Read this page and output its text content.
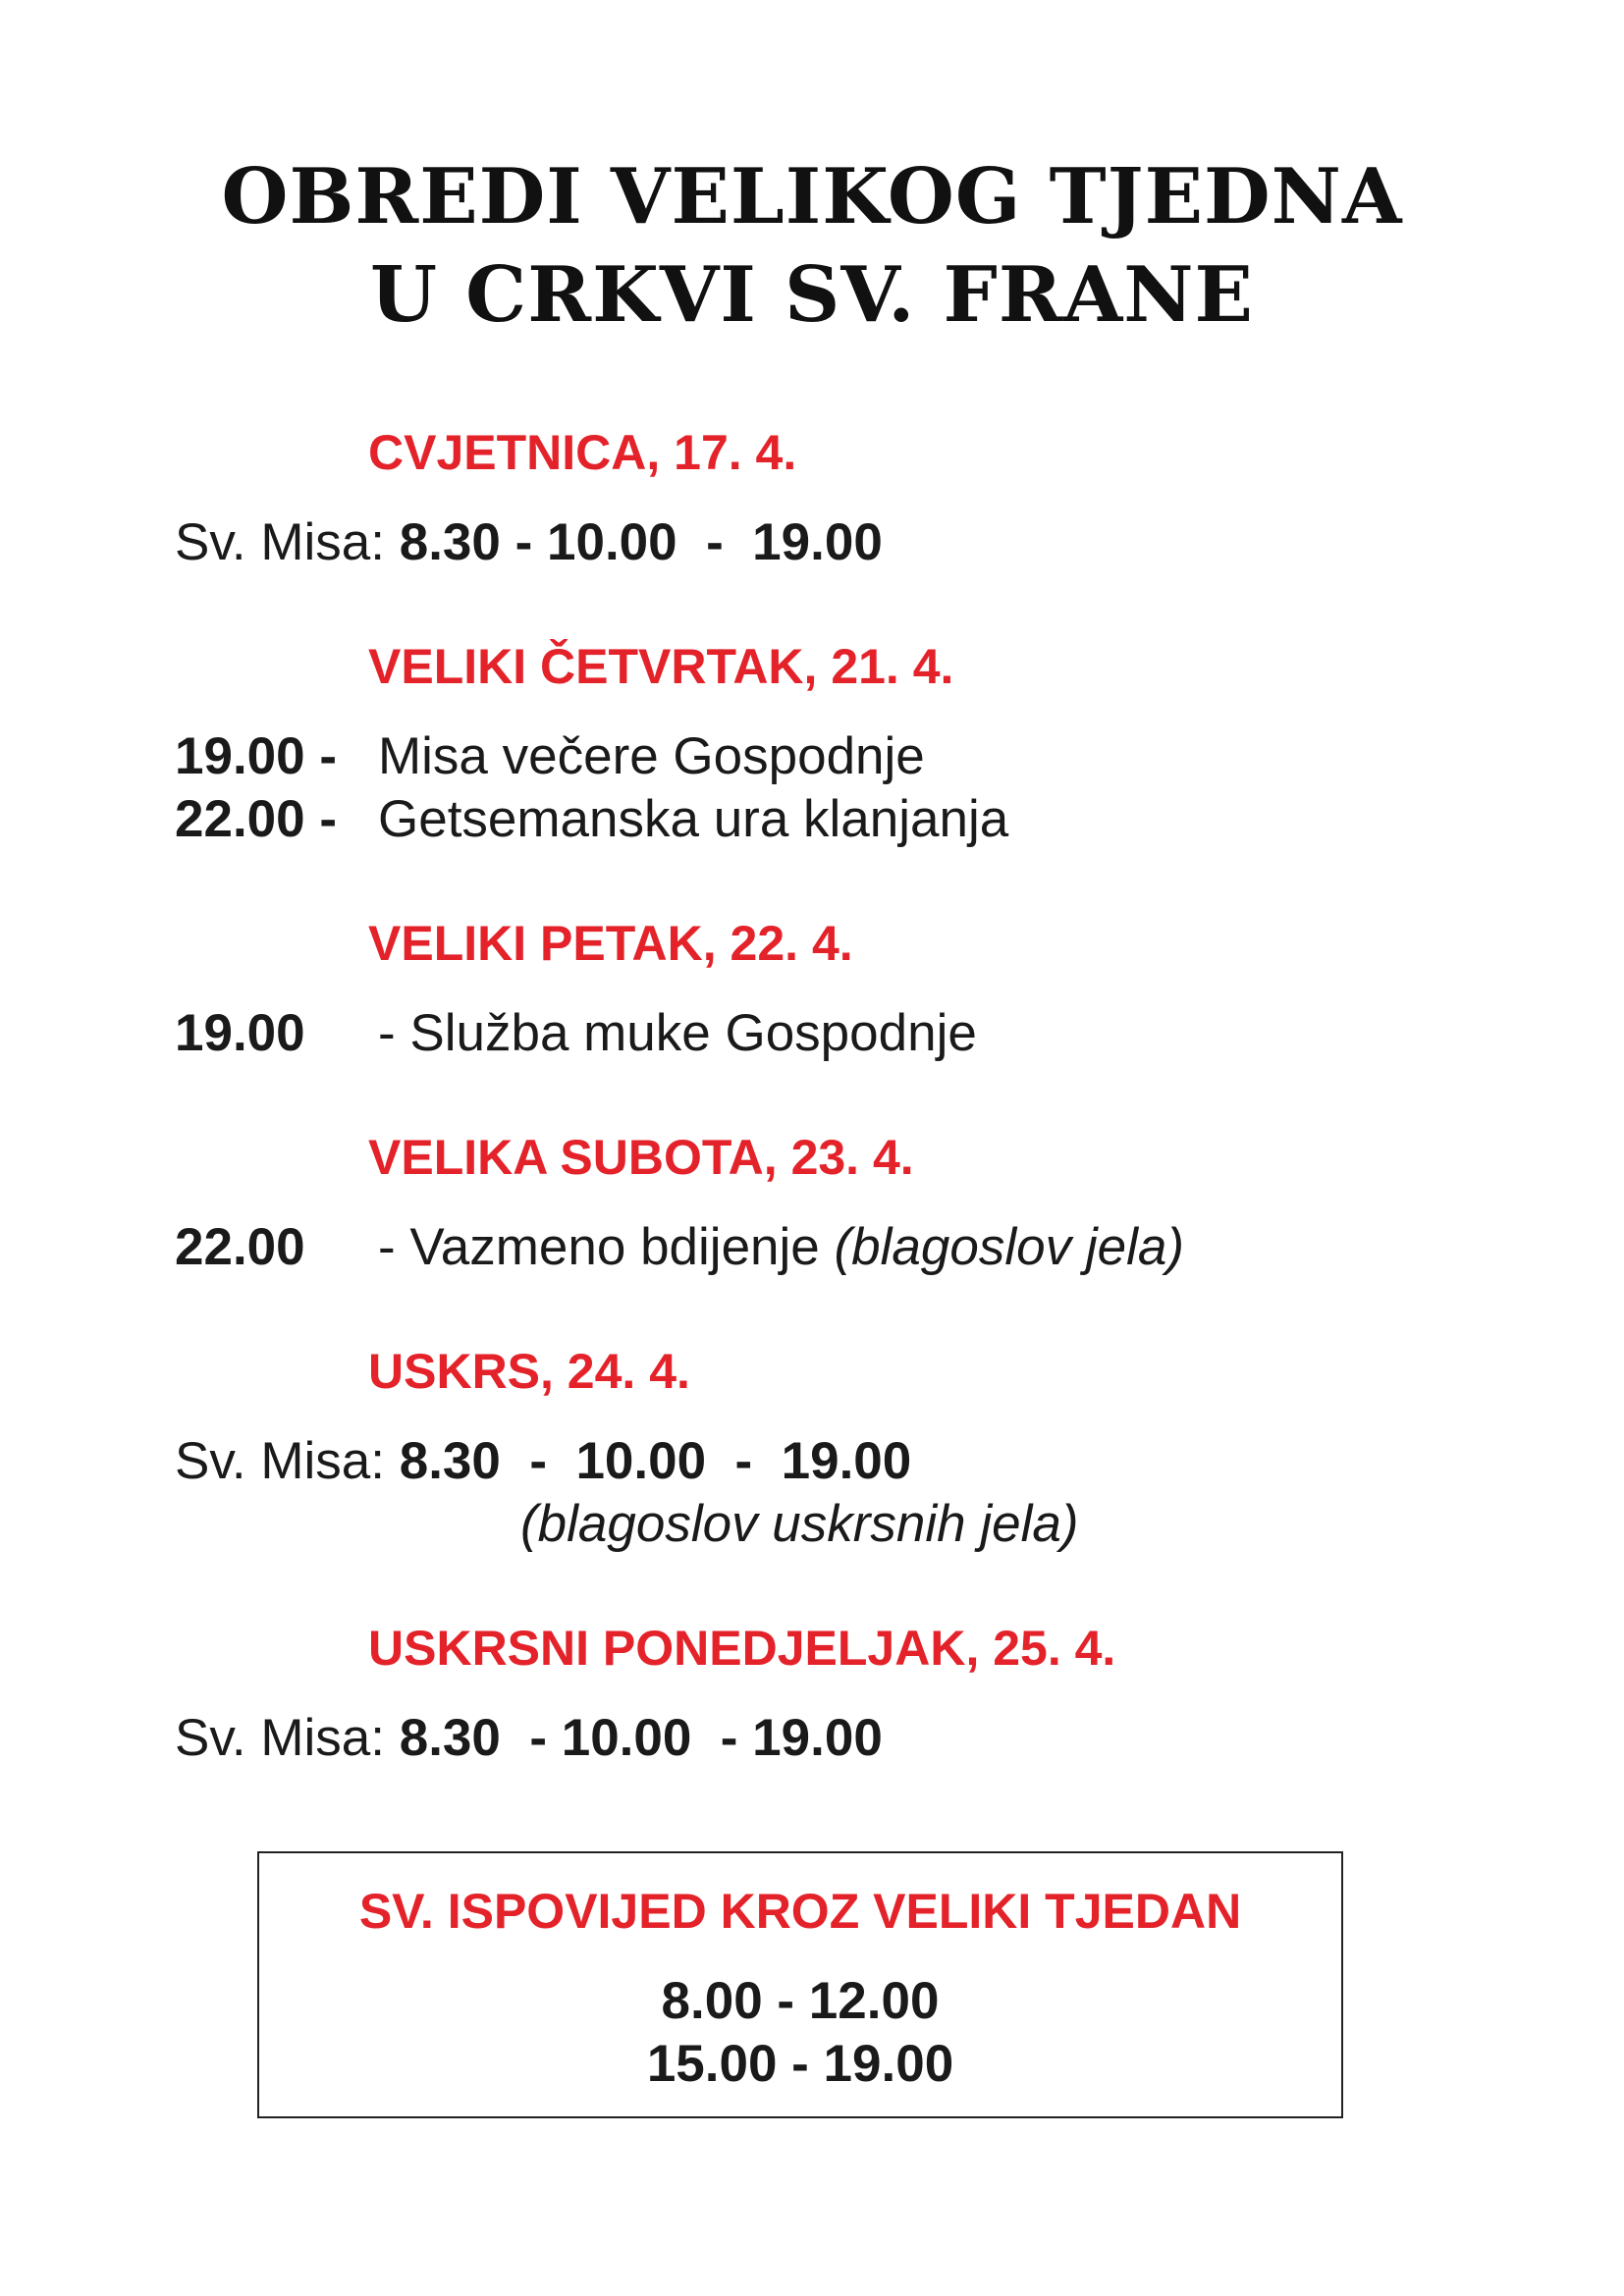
OBREDI VELIKOG TJEDNA
U CRKVI SV. FRANE
CVJETNICA, 17. 4.
Sv. Misa: 8.30 - 10.00  -  19.00
VELIKI ČETVRTAK, 21. 4.
19.00 - Misa večere Gospodnje
22.00 - Getsemanska ura klanjanja
VELIKI PETAK, 22. 4.
19.00 - Služba muke Gospodnje
VELIKA SUBOTA, 23. 4.
22.00 - Vazmeno bdijenje (blagoslov jela)
USKRS, 24. 4.
Sv. Misa: 8.30  -  10.00  -  19.00
(blagoslov uskrsnih jela)
USKRSNI PONEDJELJAK, 25. 4.
Sv. Misa: 8.30  - 10.00  - 19.00
SV. ISPOVIJED KROZ VELIKI TJEDAN
8.00 - 12.00
15.00 - 19.00
